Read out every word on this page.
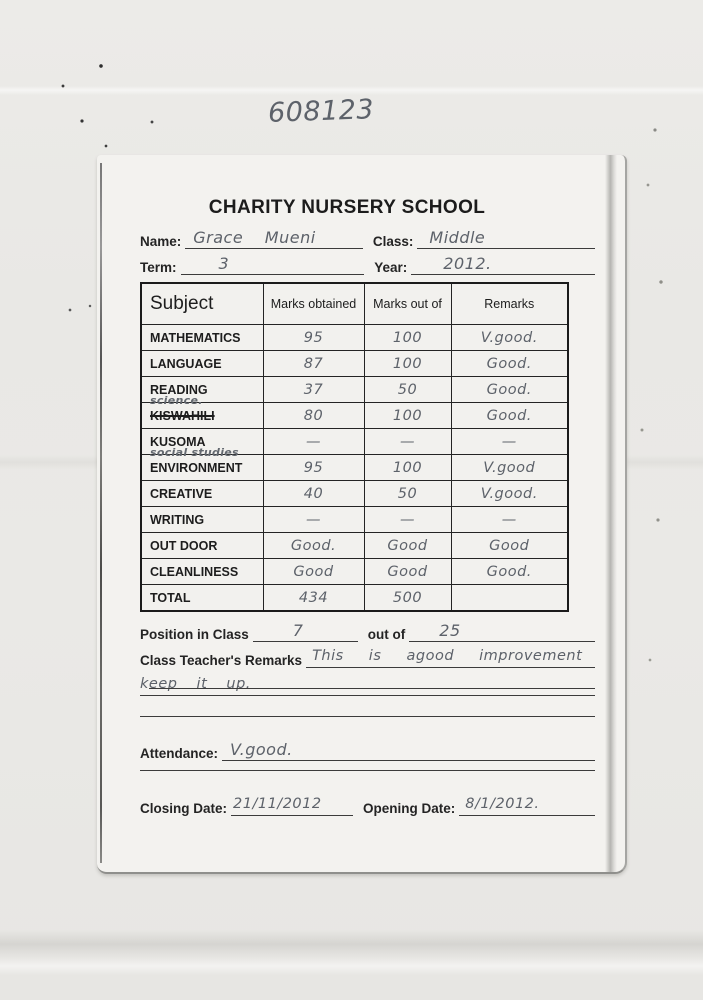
608123
CHARITY NURSERY SCHOOL
Name: Grace Mueni	Class:	Middle
Term:	3	Year:	2012.
Subject	Marks obtained	Marks out of	Remarks
MATHEMATICS	95	100	V.good.
LANGUAGE	87	100	Good.
READING	37	50	Good.

science.
KISWAHILI	80	100	Good.
KUSOMA	—	—	—

social studies
ENVIRONMENT	95	100	V.good
CREATIVE	40	50	V.good.
WRITING	—	—	—
OUT DOOR	Good.	Good	Good
CLEANLINESS	Good	Good	Good.
TOTAL	434	500	
Position in Class	7	out of	25
Class Teacher's Remarks This is agood improvement
keep it up.
Attendance: V.good.
Closing Date: 21/11/2012	Opening Date: 8/1/2012.
